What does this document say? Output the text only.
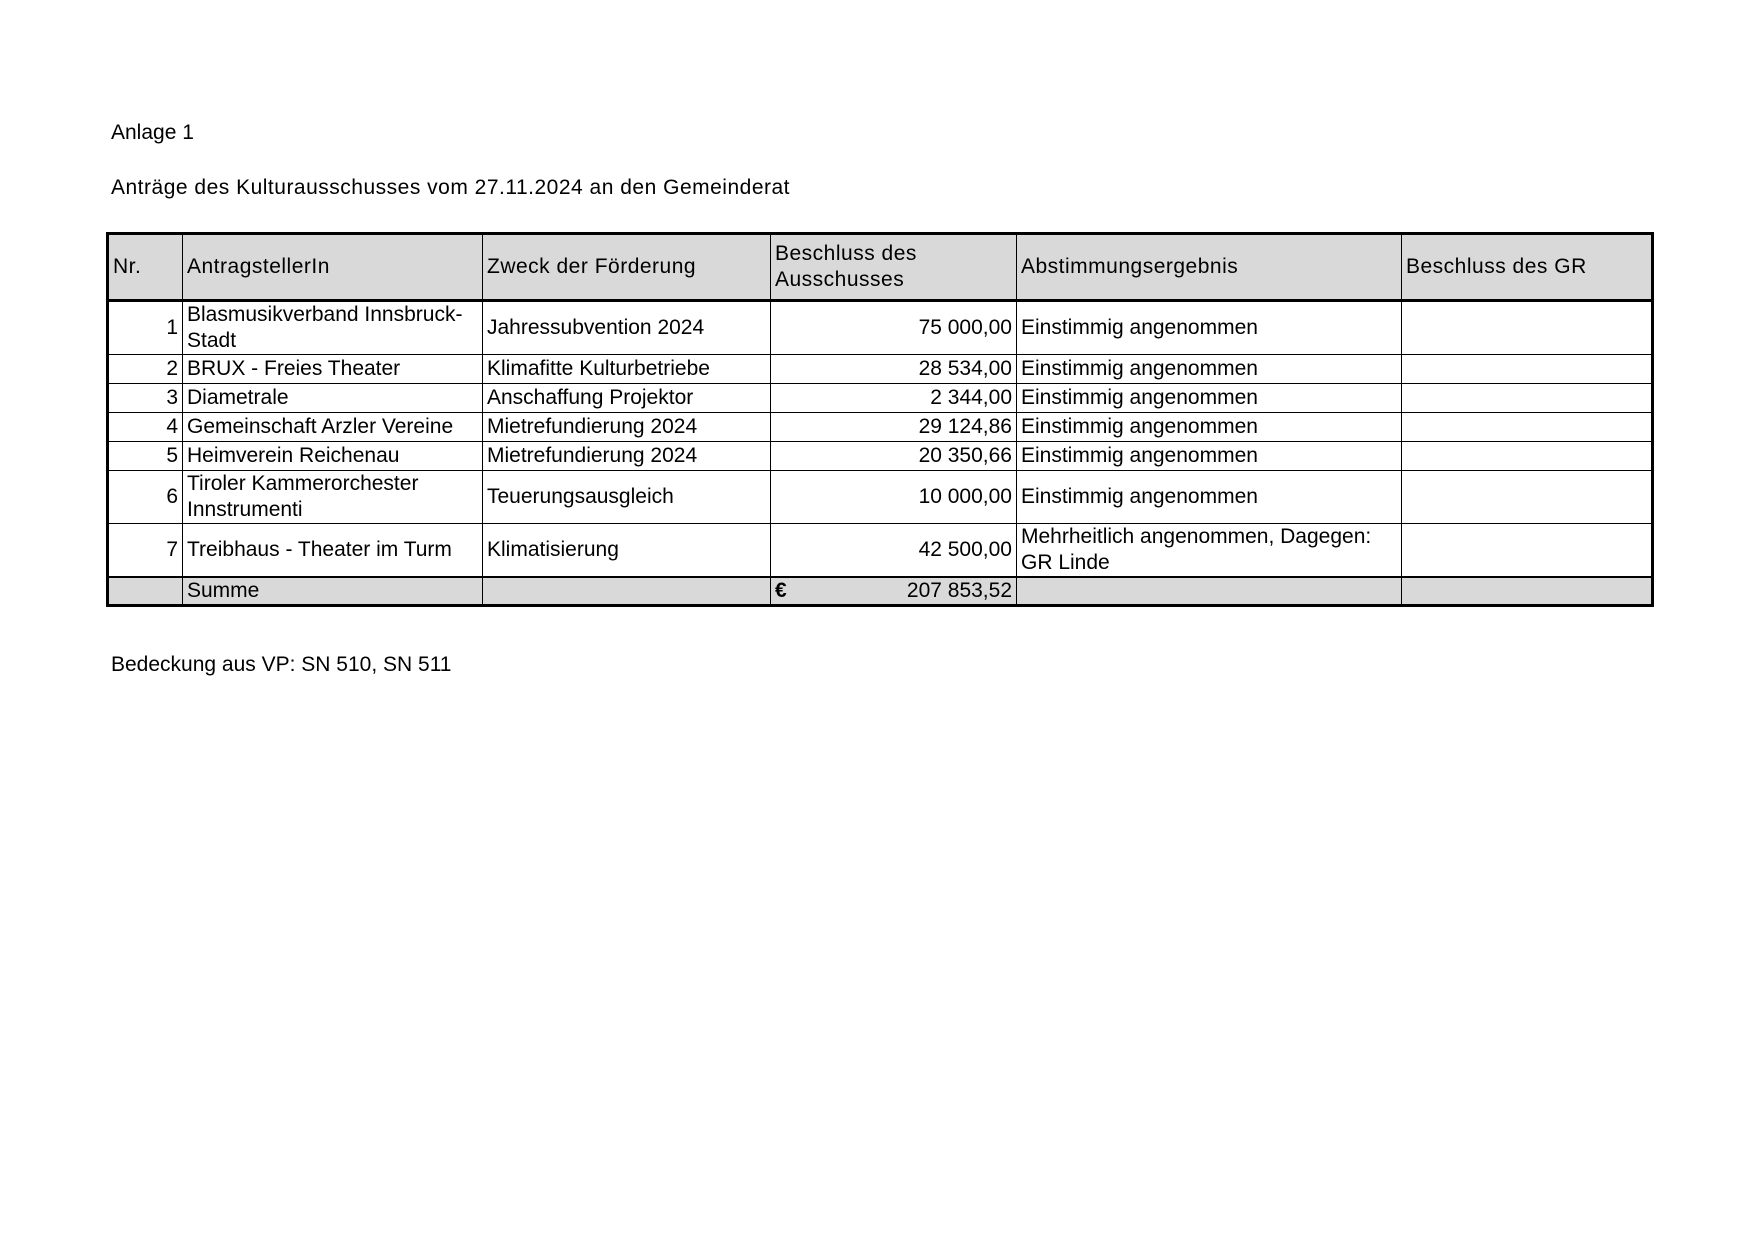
Anlage 1
Anträge des Kulturausschusses vom 27.11.2024 an den Gemeinderat
Nr.	AntragstellerIn	Zweck der Förderung	Beschluss des Ausschusses	Abstimmungsergebnis	Beschluss des GR
1	Blasmusikverband Innsbruck-Stadt	Jahressubvention 2024	75 000,00	Einstimmig angenommen	
2	BRUX - Freies Theater	Klimafitte Kulturbetriebe	28 534,00	Einstimmig angenommen	
3	Diametrale	Anschaffung Projektor	2 344,00	Einstimmig angenommen	
4	Gemeinschaft Arzler Vereine	Mietrefundierung 2024	29 124,86	Einstimmig angenommen	
5	Heimverein Reichenau	Mietrefundierung 2024	20 350,66	Einstimmig angenommen	
6	Tiroler Kammerorchester Innstrumenti	Teuerungsausgleich	10 000,00	Einstimmig angenommen	
7	Treibhaus - Theater im Turm	Klimatisierung	42 500,00	Mehrheitlich angenommen, Dagegen: GR Linde	
	Summe		€ 207 853,52		
Bedeckung aus VP: SN 510, SN 511
